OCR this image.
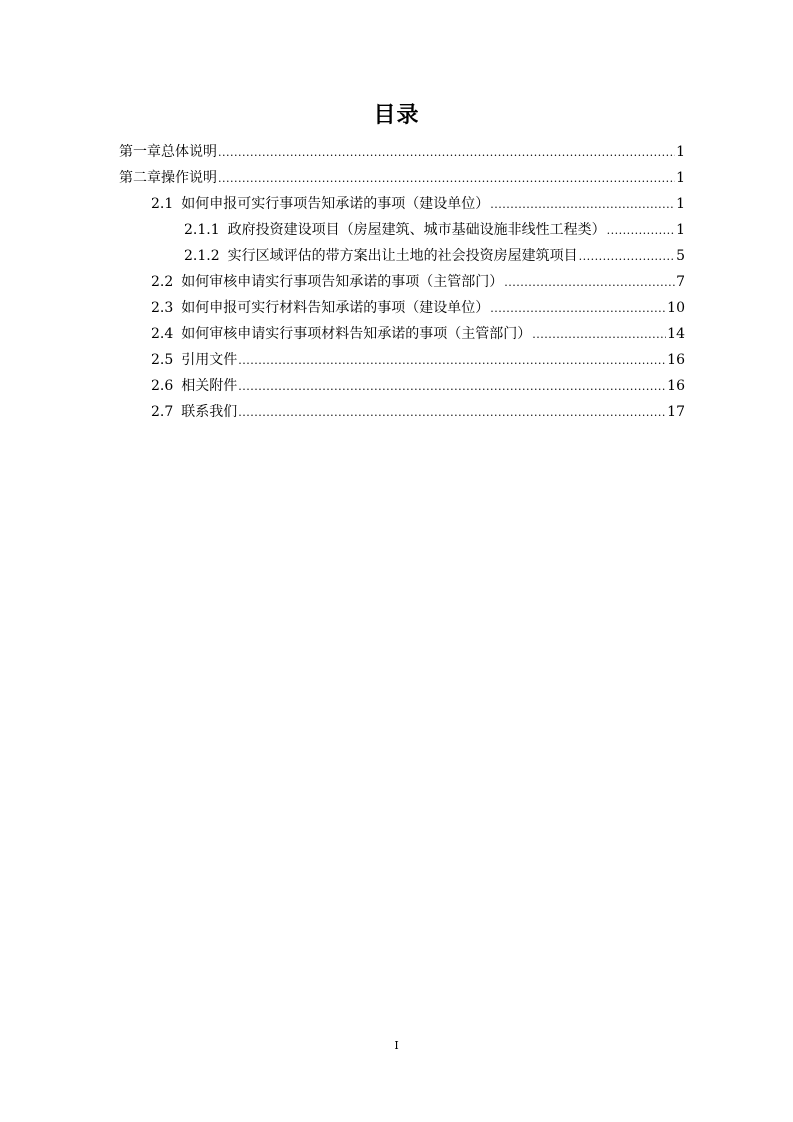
目录
第一章总体说明 .....	1
第二章操作说明 .....	1
2.1 如何申报可实行事项告知承诺的事项（建设单位） .....	1
2.1.1 政府投资建设项目（房屋建筑、城市基础设施非线性工程类） .....	1
2.1.2 实行区域评估的带方案出让土地的社会投资房屋建筑项目 .....	5
2.2 如何审核申请实行事项告知承诺的事项（主管部门） .....	7
2.3 如何申报可实行材料告知承诺的事项（建设单位） .....	10
2.4 如何审核申请实行事项材料告知承诺的事项（主管部门） .....	14
2.5 引用文件 .....	16
2.6 相关附件 .....	16
2.7 联系我们 .....	17
I
